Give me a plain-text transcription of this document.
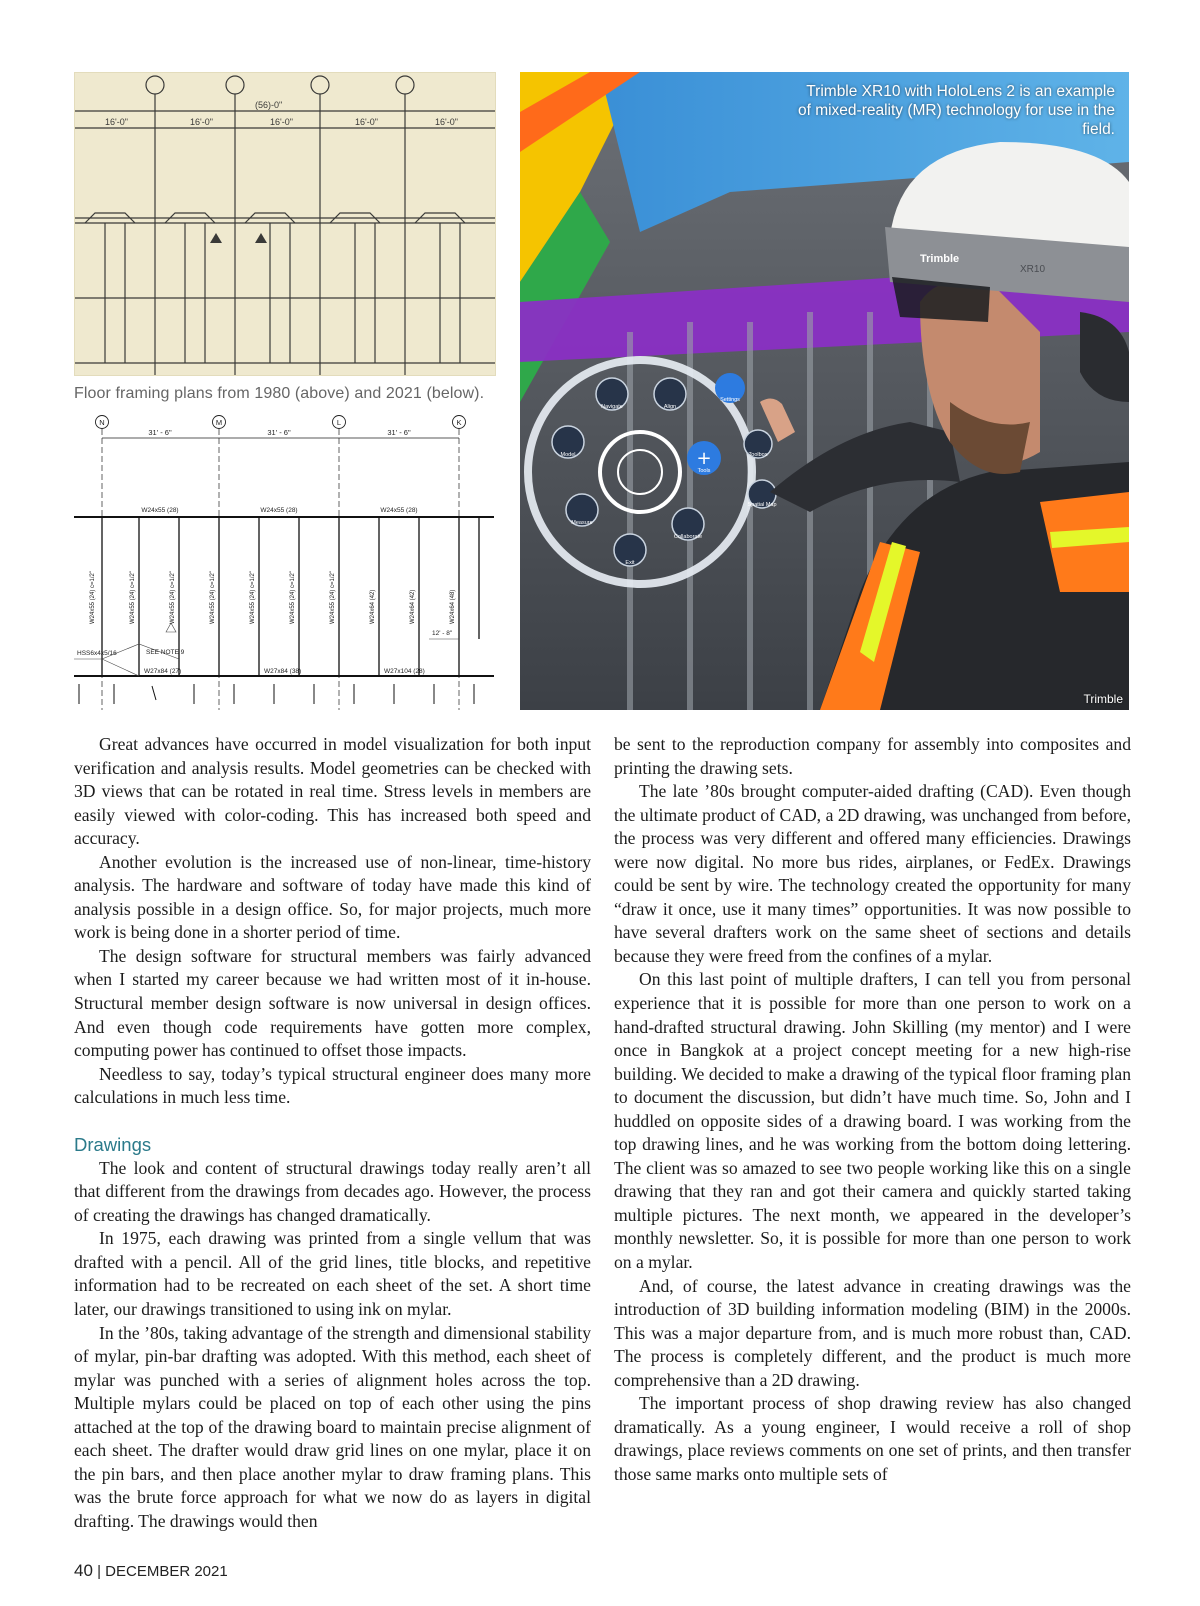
16'-0"	16'-0"	16'-0"	16'-0"	16'-0"
(56)-0"
Floor framing plans from 1980 (above) and 2021 (below).
N	M	L	K
31' - 6"	31' - 6"	31' - 6"
W24x55 (28)	W24x55 (28)	W24x55 (28)
HSS6x4x5/16	SEE NOTE 9
W27x84 (27)	W27x84 (38)	W27x104 (28)
12' - 8"
W24x55 (24) c=1/2"	W24x55 (24) c=1/2"	W24x55 (24) c=1/2"	W24x55 (24) c=1/2"	W24x55 (24) c=1/2"	W24x55 (24) c=1/2"	W24x55 (24) c=1/2"	W24x64 (42)	W24x64 (42)	W24x64 (48)
Navigate	Align
Settings
Model
Tools
Toolbox
Measure
Collaborate
Spatial Map
Exit
+
Trimble
XR10
Trimble XR10 with HoloLens 2 is an example of mixed-reality (MR) technology for use in the field.
Trimble

Great advances have occurred in model visualization for both input verification and analysis results. Model geometries can be checked with 3D views that can be rotated in real time. Stress levels in members are easily viewed with color-coding. This has increased both speed and accuracy.

Another evolution is the increased use of non-linear, time-history analysis. The hardware and software of today have made this kind of analysis possible in a design office. So, for major projects, much more work is being done in a shorter period of time.

The design software for structural members was fairly advanced when I started my career because we had written most of it in-house. Structural member design software is now universal in design offices. And even though code requirements have gotten more complex, computing power has continued to offset those impacts.

Needless to say, today’s typical structural engineer does many more calculations in much less time.

Drawings

The look and content of structural drawings today really aren’t all that different from the drawings from decades ago. However, the process of creating the drawings has changed dramatically.

In 1975, each drawing was printed from a single vellum that was drafted with a pencil. All of the grid lines, title blocks, and repetitive information had to be recreated on each sheet of the set. A short time later, our drawings transitioned to using ink on mylar.

In the ’80s, taking advantage of the strength and dimensional stability of mylar, pin-bar drafting was adopted. With this method, each sheet of mylar was punched with a series of alignment holes across the top. Multiple mylars could be placed on top of each other using the pins attached at the top of the drawing board to maintain precise alignment of each sheet. The drafter would draw grid lines on one mylar, place it on the pin bars, and then place another mylar to draw framing plans. This was the brute force approach for what we now do as layers in digital drafting. The drawings would then

be sent to the reproduction company for assembly into composites and printing the drawing sets.

The late ’80s brought computer-aided drafting (CAD). Even though the ultimate product of CAD, a 2D drawing, was unchanged from before, the process was very different and offered many efficiencies. Drawings were now digital. No more bus rides, airplanes, or FedEx. Drawings could be sent by wire. The technology created the opportunity for many “draw it once, use it many times” opportunities. It was now possible to have several drafters work on the same sheet of sections and details because they were freed from the confines of a mylar.

On this last point of multiple drafters, I can tell you from personal experience that it is possible for more than one person to work on a hand-drafted structural drawing. John Skilling (my mentor) and I were once in Bangkok at a project concept meeting for a new high-rise building. We decided to make a drawing of the typical floor framing plan to document the discussion, but didn’t have much time. So, John and I huddled on opposite sides of a drawing board. I was working from the top drawing lines, and he was working from the bottom doing lettering. The client was so amazed to see two people working like this on a single drawing that they ran and got their camera and quickly started taking multiple pictures. The next month, we appeared in the developer’s monthly newsletter. So, it is possible for more than one person to work on a mylar.

And, of course, the latest advance in creating drawings was the introduction of 3D building information modeling (BIM) in the 2000s. This was a major departure from, and is much more robust than, CAD. The process is completely different, and the product is much more comprehensive than a 2D drawing.

The important process of shop drawing review has also changed dramatically. As a young engineer, I would receive a roll of shop drawings, place reviews comments on one set of prints, and then transfer those same marks onto multiple sets of

40 | DECEMBER 2021
